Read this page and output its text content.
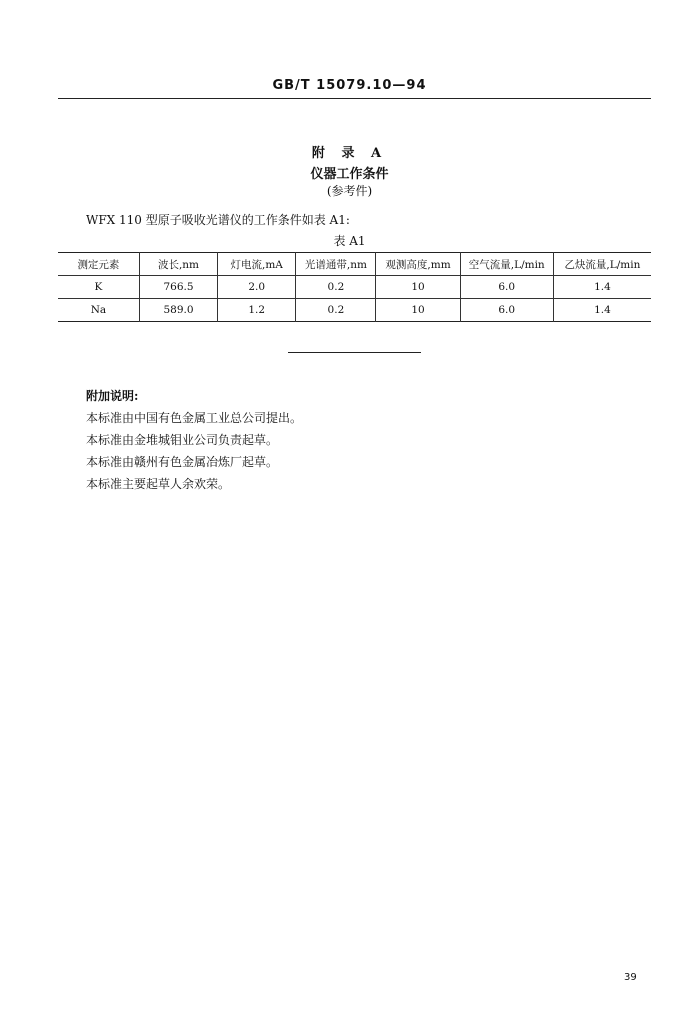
GB/T 15079.10—94
附 录 A
仪器工作条件
(参考件)
WFX 110 型原子吸收光谱仪的工作条件如表 A1:
表 A1
测定元素	波长,nm	灯电流,mA	光谱通带,nm	观测高度,mm	空气流量,L/min	乙炔流量,L/min
K	766.5	2.0	0.2	10	6.0	1.4
Na	589.0	1.2	0.2	10	6.0	1.4
附加说明:
本标准由中国有色金属工业总公司提出。
本标准由金堆城钼业公司负责起草。
本标准由赣州有色金属冶炼厂起草。
本标准主要起草人余欢荣。
39
